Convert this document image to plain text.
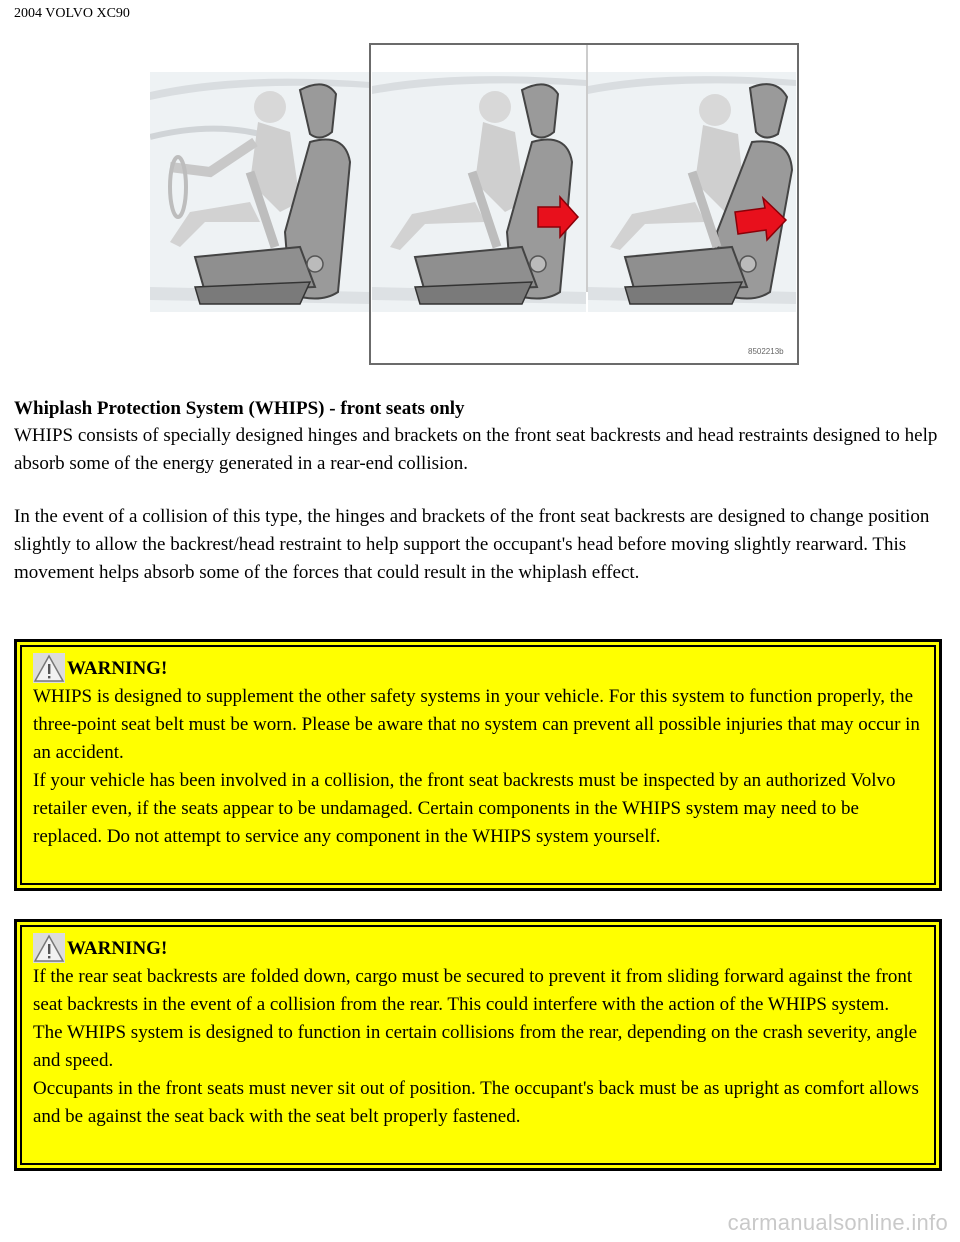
2004 VOLVO XC90
8502213b
Whiplash Protection System (WHIPS) - front seats only

WHIPS consists of specially designed hinges and brackets on the front seat backrests and head restraints designed to help absorb some of the energy generated in a rear-end collision.

In the event of a collision of this type, the hinges and brackets of the front seat backrests are designed to change position slightly to allow the backrest/head restraint to help support the occupant's head before moving slightly rearward. This movement helps absorb some of the forces that could result in the whiplash effect.

WARNING!
WHIPS is designed to supplement the other safety systems in your vehicle. For this system to function properly, the three-point seat belt must be worn. Please be aware that no system can prevent all possible injuries that may occur in an accident.
If your vehicle has been involved in a collision, the front seat backrests must be inspected by an authorized Volvo retailer even, if the seats appear to be undamaged. Certain components in the WHIPS system may need to be replaced. Do not attempt to service any component in the WHIPS system yourself.
WARNING!
If the rear seat backrests are folded down, cargo must be secured to prevent it from sliding forward against the front seat backrests in the event of a collision from the rear. This could interfere with the action of the WHIPS system.
The WHIPS system is designed to function in certain collisions from the rear, depending on the crash severity, angle and speed.
Occupants in the front seats must never sit out of position. The occupant's back must be as upright as comfort allows and be against the seat back with the seat belt properly fastened.
carmanualsonline.info
